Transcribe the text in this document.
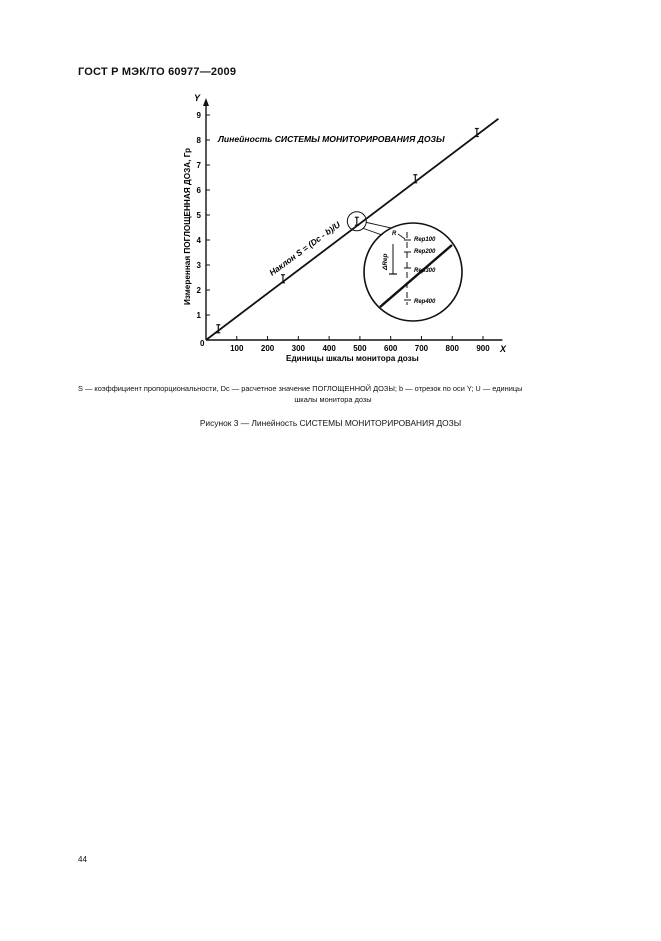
ГОСТ Р МЭК/ТО 60977—2009
100 200 300 400 500 600 700 800 900
1
2
3
4
5
6
7
8
9
R
ΔRep
Rep100
Rep200
Rep300
Rep400
Y
X
0
Измеренная ПОГЛОЩЕННАЯ ДОЗА, Гр
Единицы шкалы монитора дозы
Линейность СИСТЕМЫ МОНИТОРИРОВАНИЯ ДОЗЫ
Наклон S = (Dc - b)/U
S — коэффициент пропорциональности, Dc — расчетное значение ПОГЛОЩЕННОЙ ДОЗЫ; b — отрезок по оси Y; U — единицы
шкалы монитора дозы
Рисунок 3 — Линейность СИСТЕМЫ МОНИТОРИРОВАНИЯ ДОЗЫ
44
